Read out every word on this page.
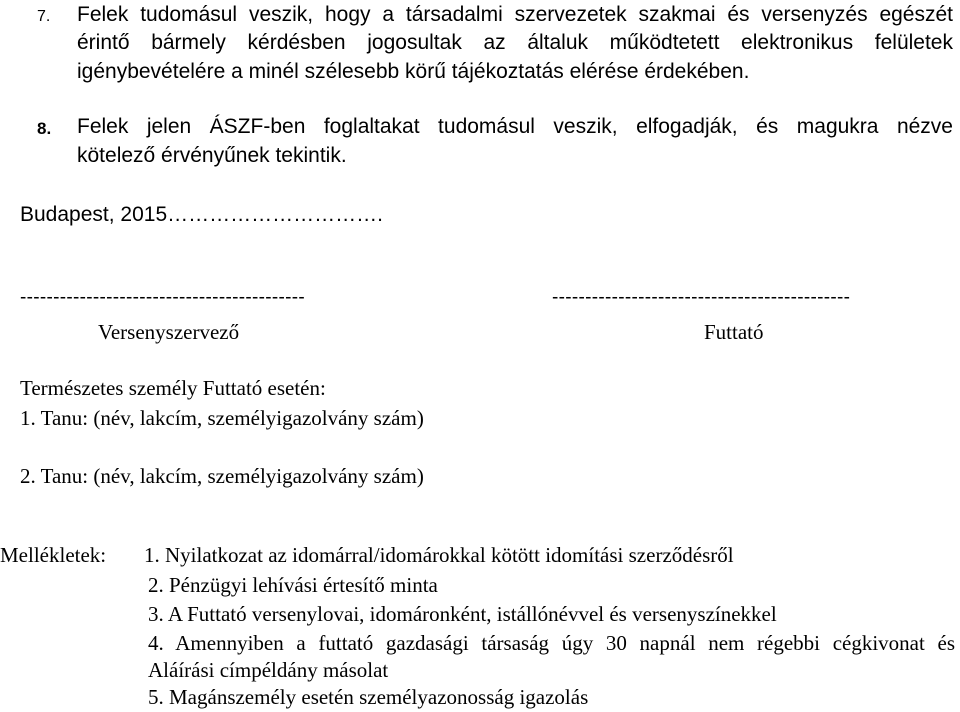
7. Felek tudomásul veszik, hogy a társadalmi szervezetek szakmai és versenyzés egészét
érintő bármely kérdésben jogosultak az általuk működtetett elektronikus felületek
igénybevételére a minél szélesebb körű tájékoztatás elérése érdekében.
8. Felek jelen ÁSZF-ben foglaltakat tudomásul veszik, elfogadják, és magukra nézve
kötelező érvényűnek tekintik.
Budapest, 2015………………………….
-------------------------------------------
Versenyszervező
---------------------------------------------
Futtató
Természetes személy Futtató esetén:
1. Tanu: (név, lakcím, személyigazolvány szám)
2. Tanu: (név, lakcím, személyigazolvány szám)
Mellékletek: 1. Nyilatkozat az idomárral/idomárokkal kötött idomítási szerződésről
2. Pénzügyi lehívási értesítő minta
3. A Futtató versenylovai, idomáronként, istállónévvel és versenyszínekkel
4. Amennyiben a futtató gazdasági társaság úgy 30 napnál nem régebbi cégkivonat és
Aláírási címpéldány másolat
5. Magánszemély esetén személyazonosság igazolás
